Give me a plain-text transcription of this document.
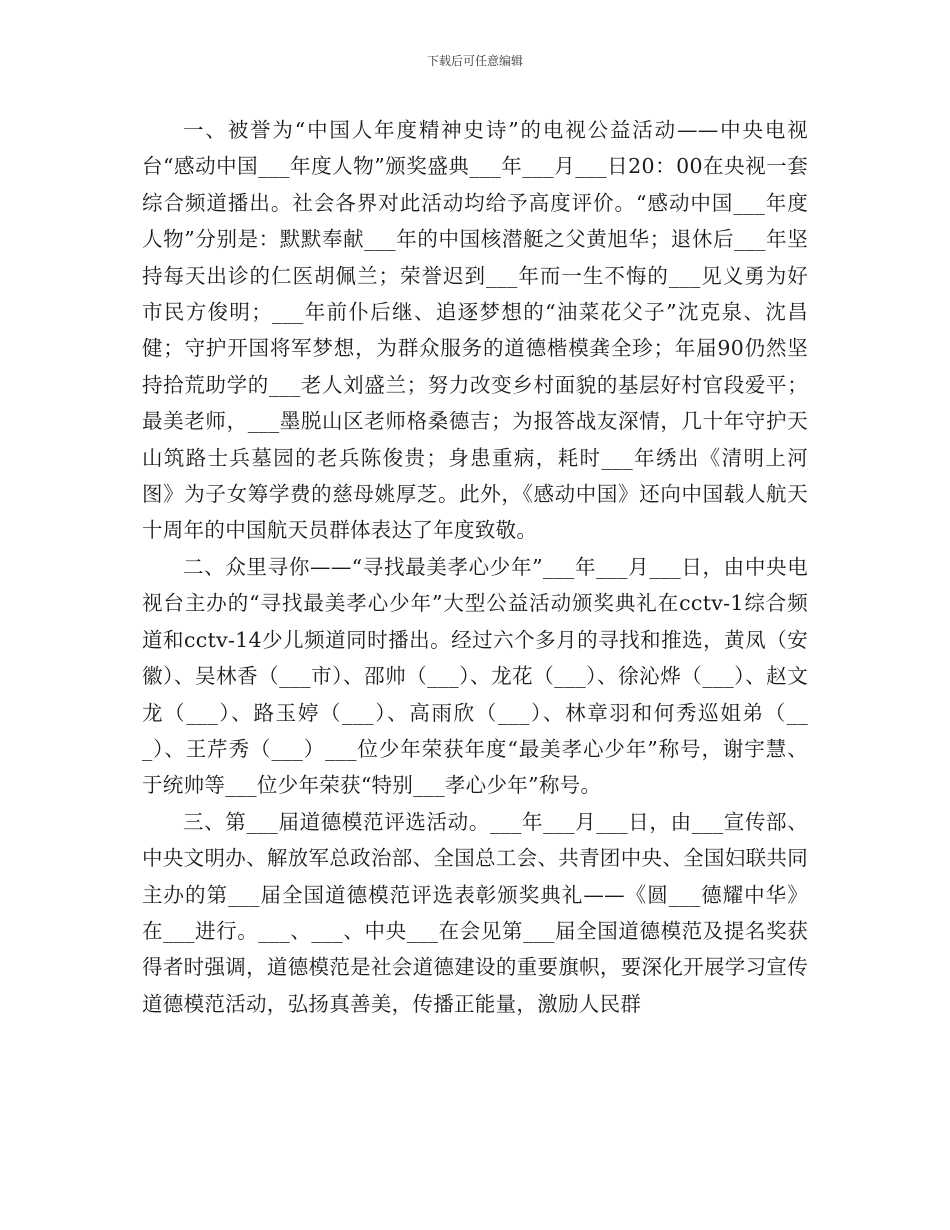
下载后可任意编辑

一、被誉为“中国人年度精神史诗”的电视公益活动——中央电视台“感动中国___年度人物”颁奖盛典___年___月___日20：00在央视一套综合频道播出。社会各界对此活动均给予高度评价。“感动中国___年度人物”分别是：默默奉献___年的中国核潜艇之父黄旭华；退休后___年坚持每天出诊的仁医胡佩兰；荣誉迟到___年而一生不悔的___见义勇为好市民方俊明；___年前仆后继、追逐梦想的“油菜花父子”沈克泉、沈昌健；守护开国将军梦想，为群众服务的道德楷模龚全珍；年届90仍然坚持拾荒助学的___老人刘盛兰；努力改变乡村面貌的基层好村官段爱平；最美老师，___墨脱山区老师格桑德吉；为报答战友深情，几十年守护天山筑路士兵墓园的老兵陈俊贵；身患重病，耗时___年绣出《清明上河图》为子女筹学费的慈母姚厚芝。此外，《感动中国》还向中国载人航天十周年的中国航天员群体表达了年度致敬。

二、众里寻你——“寻找最美孝心少年”___年___月___日，由中央电视台主办的“寻找最美孝心少年”大型公益活动颁奖典礼在cctv-1综合频道和cctv-14少儿频道同时播出。经过六个多月的寻找和推选，黄凤（安徽）、吴林香（___市）、邵帅（___）、龙花（___）、徐沁烨（___）、赵文龙（___）、路玉婷（___）、高雨欣（___）、林章羽和何秀巡姐弟（___）、王芹秀（___）___位少年荣获年度“最美孝心少年”称号，谢宇慧、于统帅等___位少年荣获“特别___孝心少年”称号。

三、第___届道德模范评选活动。___年___月___日，由___宣传部、中央文明办、解放军总政治部、全国总工会、共青团中央、全国妇联共同主办的第___届全国道德模范评选表彰颁奖典礼——《圆___德耀中华》在___进行。___、___、中央___在会见第___届全国道德模范及提名奖获得者时强调，道德模范是社会道德建设的重要旗帜，要深化开展学习宣传道德模范活动，弘扬真善美，传播正能量，激励人民群
